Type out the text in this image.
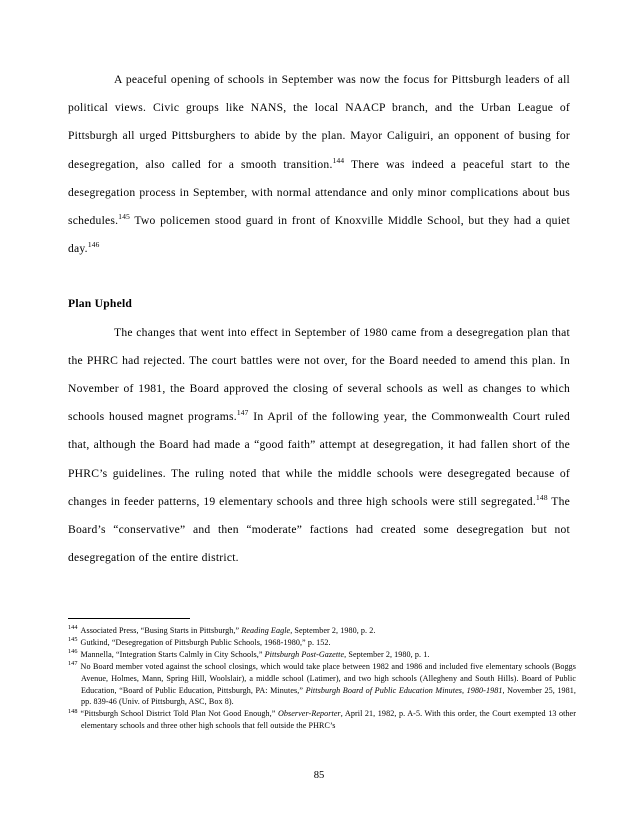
A peaceful opening of schools in September was now the focus for Pittsburgh leaders of all political views. Civic groups like NANS, the local NAACP branch, and the Urban League of Pittsburgh all urged Pittsburghers to abide by the plan. Mayor Caliguiri, an opponent of busing for desegregation, also called for a smooth transition.$^{144}$ There was indeed a peaceful start to the desegregation process in September, with normal attendance and only minor complications about bus schedules.$^{145}$ Two policemen stood guard in front of Knoxville Middle School, but they had a quiet day.$^{146}$

Plan Upheld

The changes that went into effect in September of 1980 came from a desegregation plan that the PHRC had rejected. The court battles were not over, for the Board needed to amend this plan. In November of 1981, the Board approved the closing of several schools as well as changes to which schools housed magnet programs.$^{147}$ In April of the following year, the Commonwealth Court ruled that, although the Board had made a “good faith” attempt at desegregation, it had fallen short of the PHRC’s guidelines. The ruling noted that while the middle schools were desegregated because of changes in feeder patterns, 19 elementary schools and three high schools were still segregated.$^{148}$ The Board’s “conservative” and then “moderate” factions had created some desegregation but not desegregation of the entire district.

$^{144}$ Associated Press, “Busing Starts in Pittsburgh,” Reading Eagle, September 2, 1980, p. 2.

$^{145}$ Gutkind, “Desegregation of Pittsburgh Public Schools, 1968-1980,” p. 152.

$^{146}$ Mannella, “Integration Starts Calmly in City Schools,” Pittsburgh Post-Gazette, September 2, 1980, p. 1.

$^{147}$ No Board member voted against the school closings, which would take place between 1982 and 1986 and included five elementary schools (Boggs Avenue, Holmes, Mann, Spring Hill, Woolslair), a middle school (Latimer), and two high schools (Allegheny and South Hills). Board of Public Education, “Board of Public Education, Pittsburgh, PA: Minutes,” Pittsburgh Board of Public Education Minutes, 1980-1981, November 25, 1981, pp. 839-46 (Univ. of Pittsburgh, ASC, Box 8).

$^{148}$ “Pittsburgh School District Told Plan Not Good Enough,” Observer-Reporter, April 21, 1982, p. A-5. With this order, the Court exempted 13 other elementary schools and three other high schools that fell outside the PHRC’s

85
